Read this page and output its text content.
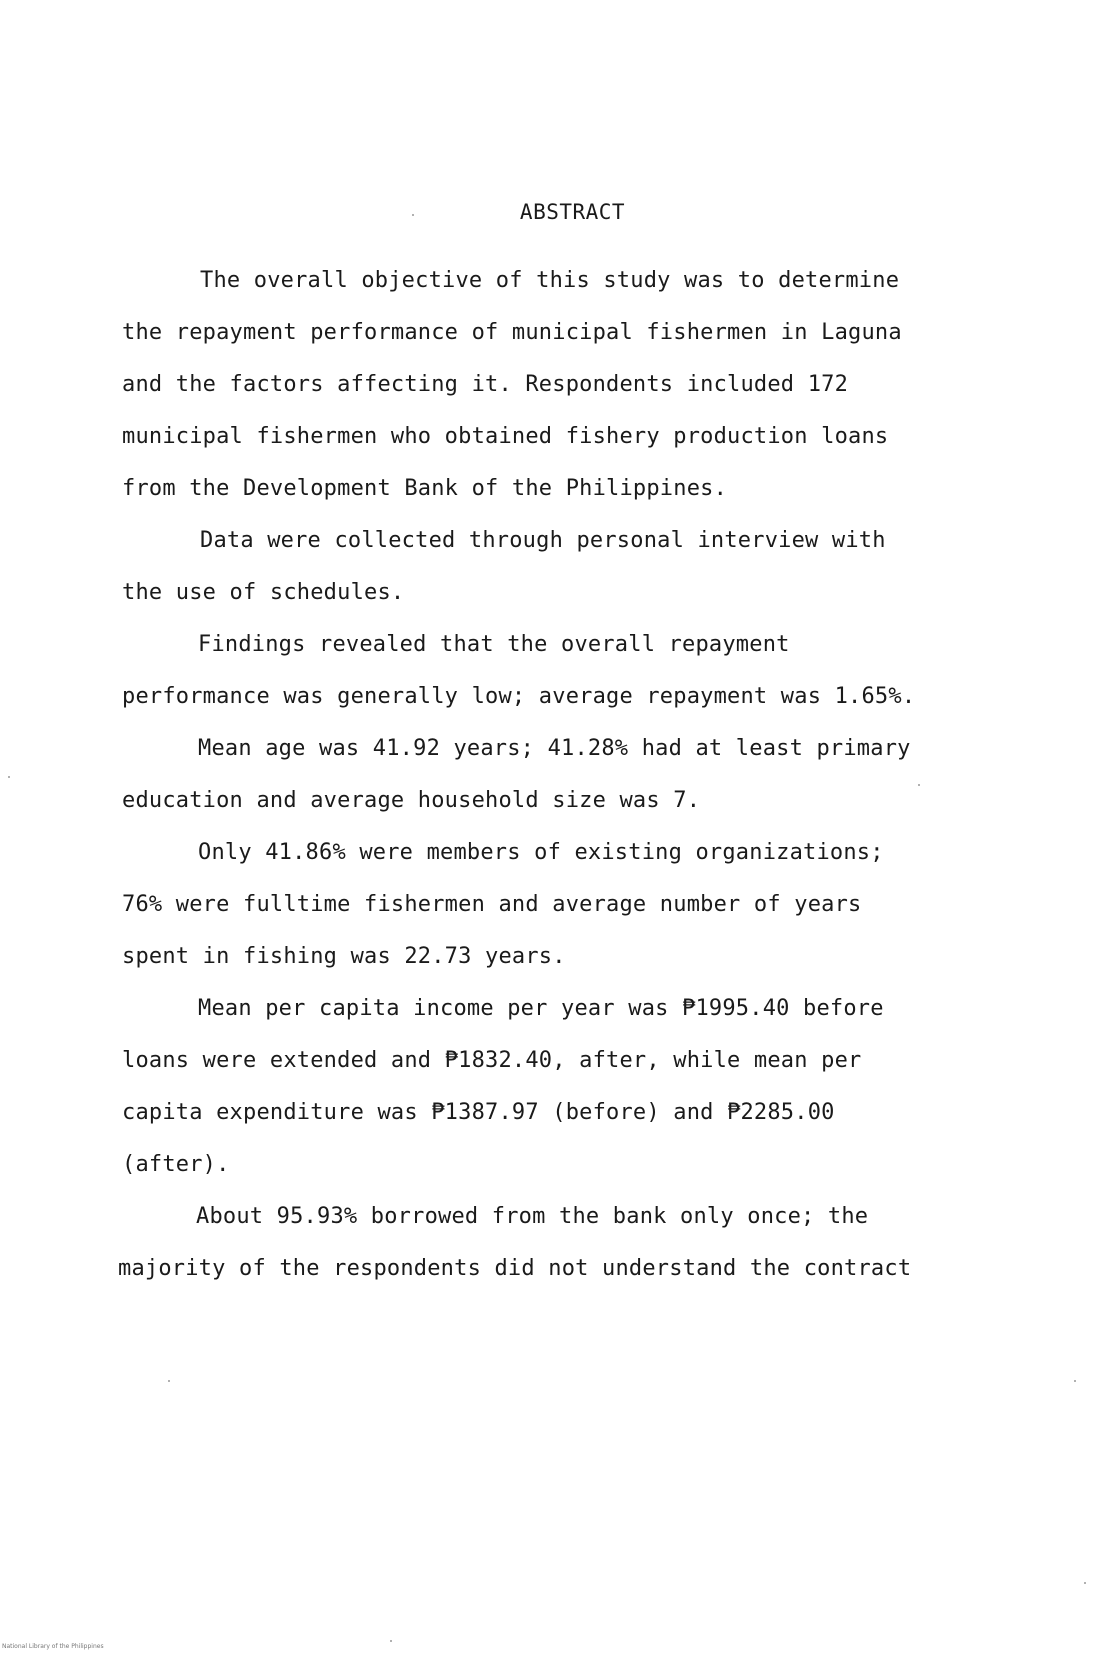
ABSTRACT
The overall objective of this study was to determine
the repayment performance of municipal fishermen in Laguna
and the factors affecting it. Respondents included 172
municipal fishermen who obtained fishery production loans
from the Development Bank of the Philippines.
Data were collected through personal interview with
the use of schedules.
Findings revealed that the overall repayment
performance was generally low; average repayment was 1.65%.
Mean age was 41.92 years; 41.28% had at least primary
education and average household size was 7.
Only 41.86% were members of existing organizations;
76% were fulltime fishermen and average number of years
spent in fishing was 22.73 years.
Mean per capita income per year was ₱1995.40 before
loans were extended and ₱1832.40, after, while mean per
capita expenditure was ₱1387.97 (before) and ₱2285.00
(after).
About 95.93% borrowed from the bank only once; the
majority of the respondents did not understand the contract
National Library of the Philippines
